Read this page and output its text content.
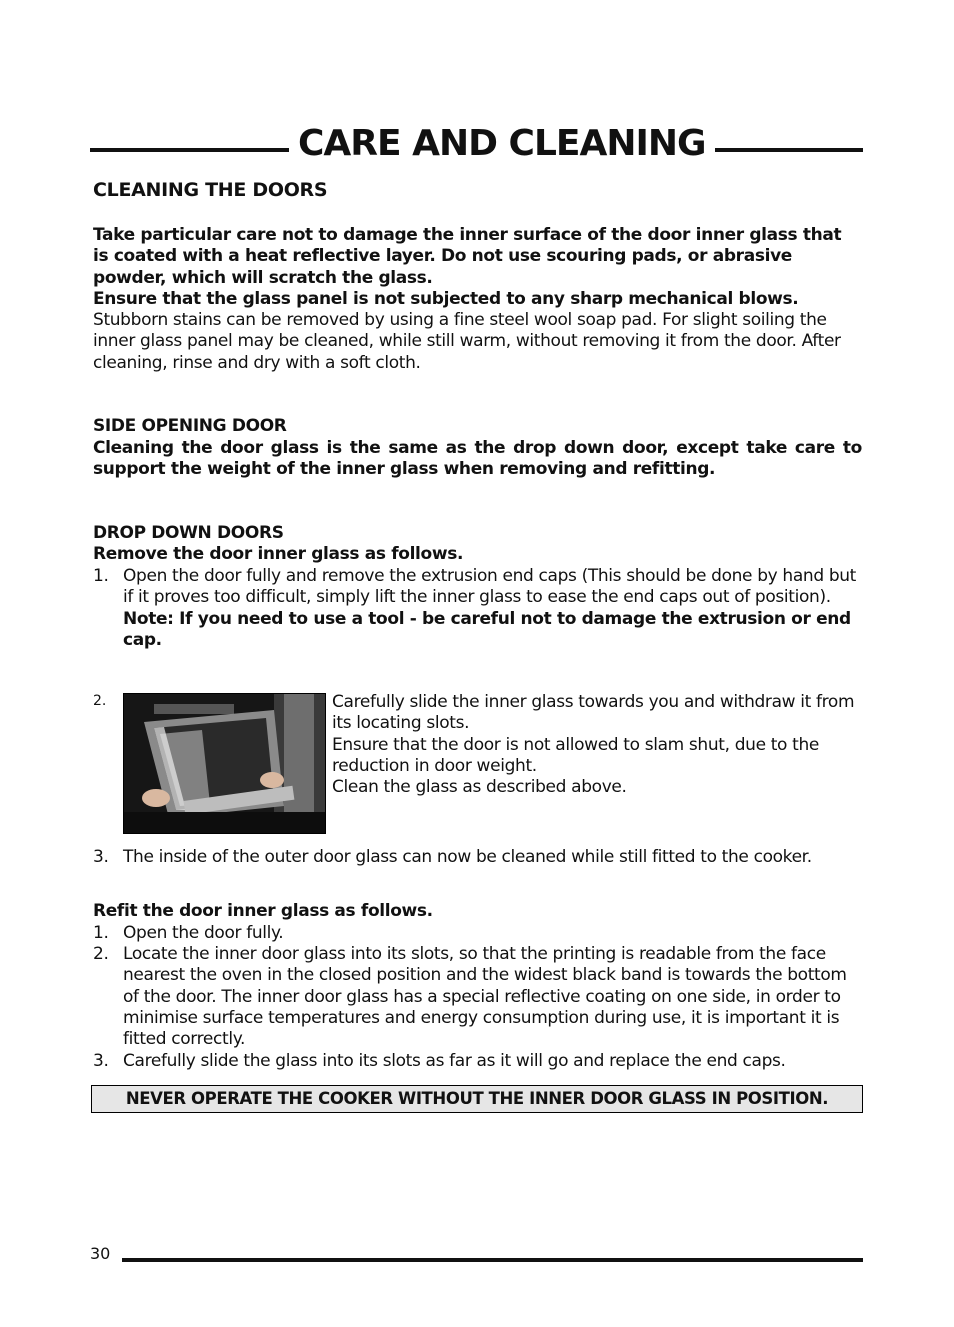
CARE AND CLEANING
CLEANING THE DOORS
Take particular care not to damage the inner surface of the door inner glass that is coated with a heat reflective layer. Do not use scouring pads, or abrasive powder, which will scratch the glass.
Ensure that the glass panel is not subjected to any sharp mechanical blows.
Stubborn stains can be removed by using a fine steel wool soap pad. For slight soiling the inner glass panel may be cleaned, while still warm, without removing it from the door. After cleaning, rinse and dry with a soft cloth.
SIDE OPENING DOOR
Cleaning the door glass is the same as the drop down door, except take care to support the weight of the inner glass when removing and refitting.
DROP DOWN DOORS
Remove the door inner glass as follows.
1. Open the door fully and remove the extrusion end caps (This should be done by hand but if it proves too difficult, simply lift the inner glass to ease the end caps out of position).
Note: If you need to use a tool - be careful not to damage the extrusion or end cap.
2.	Carefully slide the inner glass towards you and withdraw it from its locating slots.
Ensure that the door is not allowed to slam shut, due to the reduction in door weight.
Clean the glass as described above.
3. The inside of the outer door glass can now be cleaned while still fitted to the cooker.
Refit the door inner glass as follows.
1. Open the door fully.
2. Locate the inner door glass into its slots, so that the printing is readable from the face nearest the oven in the closed position and the widest black band is towards the bottom of the door. The inner door glass has a special reflective coating on one side, in order to minimise surface temperatures and energy consumption during use, it is important it is fitted correctly.
3. Carefully slide the glass into its slots as far as it will go and replace the end caps.
NEVER OPERATE THE COOKER WITHOUT THE INNER DOOR GLASS IN POSITION.
30
